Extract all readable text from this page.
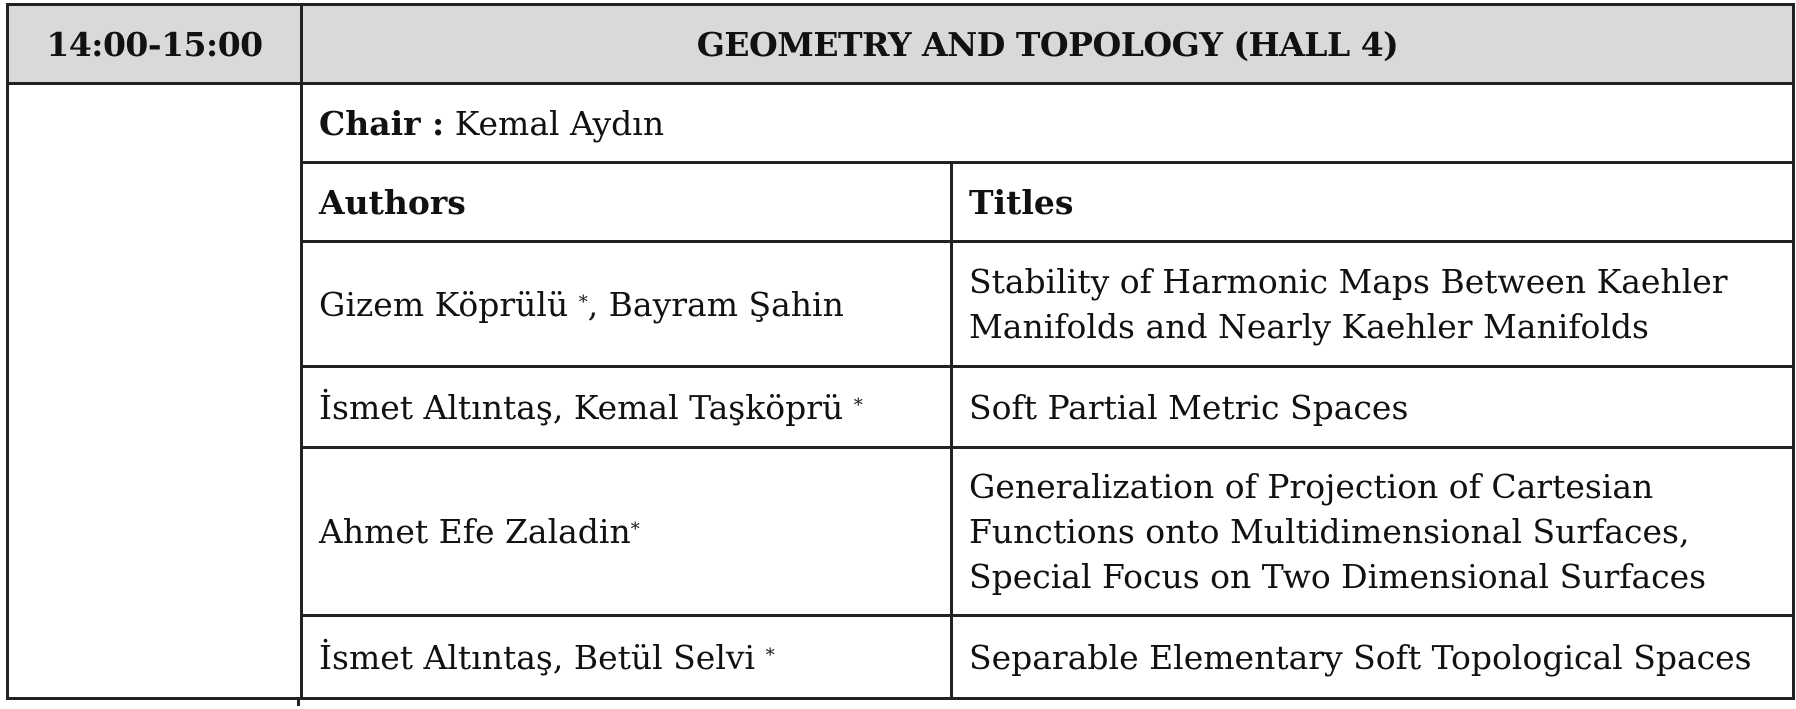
14:00-15:00	GEOMETRY AND TOPOLOGY (HALL 4)	
	Chair : Kemal Aydın	
	Authors	Titles
	Gizem Köprülü *, Bayram Şahin	Stability of Harmonic Maps Between Kaehler
Manifolds and Nearly Kaehler Manifolds

	İsmet Altıntaş, Kemal Taşköprü *	Soft Partial Metric Spaces

	Ahmet Efe Zaladin*	Generalization of Projection of Cartesian
Functions onto Multidimensional Surfaces,
Special Focus on Two Dimensional Surfaces

	İsmet Altıntaş, Betül Selvi *	Separable Elementary Soft Topological Spaces
